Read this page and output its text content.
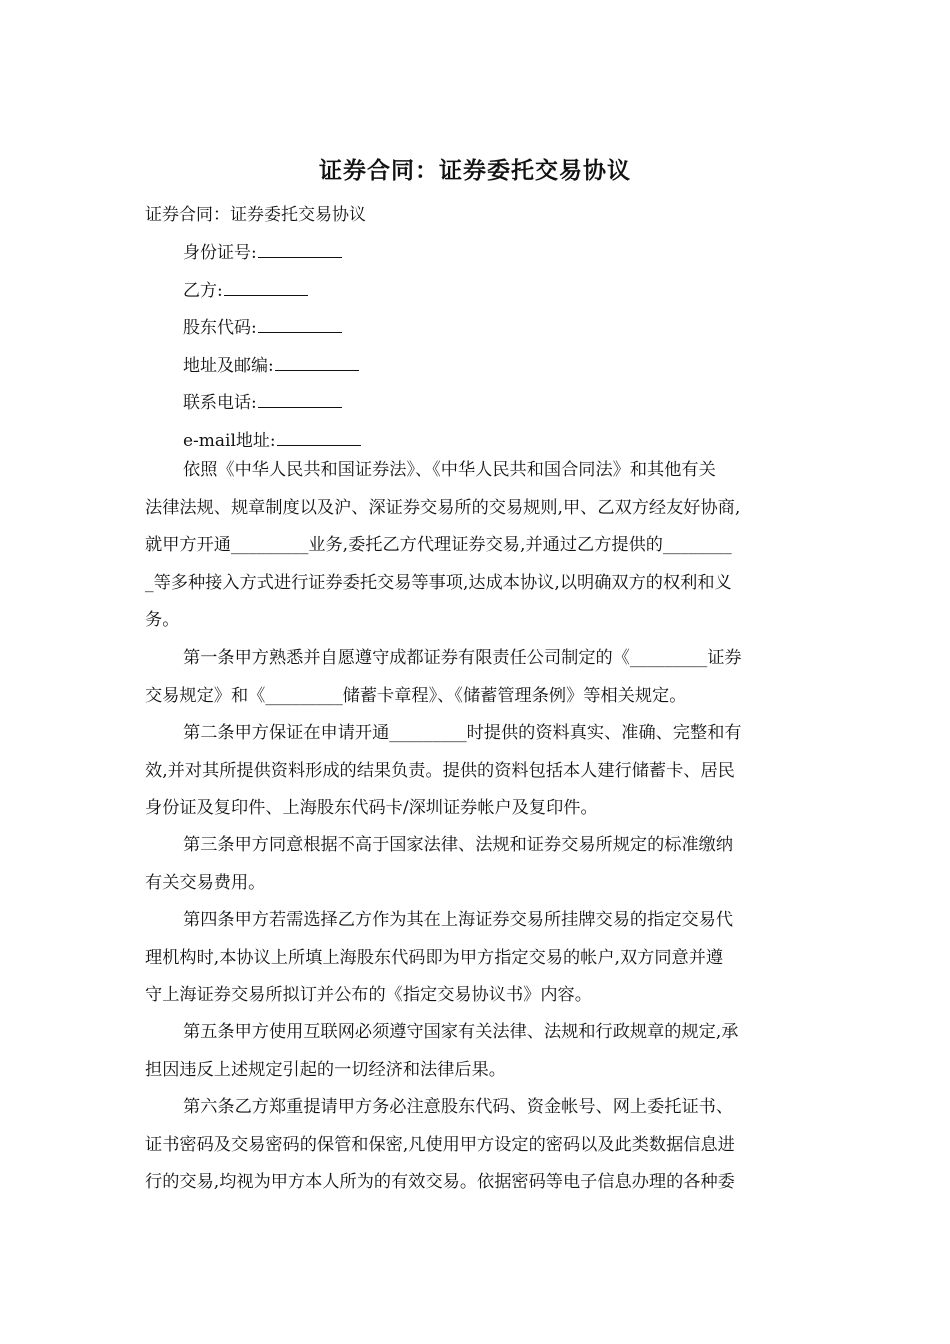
证券合同：证券委托交易协议

证券合同：证券委托交易协议

身份证号:

乙方:

股东代码:

地址及邮编:

联系电话:

e-mail地址:

依照《中华人民共和国证券法》、《中华人民共和国合同法》和其他有关
法律法规、规章制度以及沪、深证券交易所的交易规则,甲、乙双方经友好协商,
就甲方开通_________业务,委托乙方代理证券交易,并通过乙方提供的________
_等多种接入方式进行证券委托交易等事项,达成本协议,以明确双方的权利和义
务。
第一条甲方熟悉并自愿遵守成都证券有限责任公司制定的《_________证券
交易规定》和《_________储蓄卡章程》、《储蓄管理条例》等相关规定。
第二条甲方保证在申请开通_________时提供的资料真实、准确、完整和有
效,并对其所提供资料形成的结果负责。提供的资料包括本人建行储蓄卡、居民
身份证及复印件、上海股东代码卡/深圳证券帐户及复印件。
第三条甲方同意根据不高于国家法律、法规和证券交易所规定的标准缴纳
有关交易费用。
第四条甲方若需选择乙方作为其在上海证券交易所挂牌交易的指定交易代
理机构时,本协议上所填上海股东代码即为甲方指定交易的帐户,双方同意并遵
守上海证券交易所拟订并公布的《指定交易协议书》内容。
第五条甲方使用互联网必须遵守国家有关法律、法规和行政规章的规定,承
担因违反上述规定引起的一切经济和法律后果。
第六条乙方郑重提请甲方务必注意股东代码、资金帐号、网上委托证书、
证书密码及交易密码的保管和保密,凡使用甲方设定的密码以及此类数据信息进
行的交易,均视为甲方本人所为的有效交易。依据密码等电子信息办理的各种委
